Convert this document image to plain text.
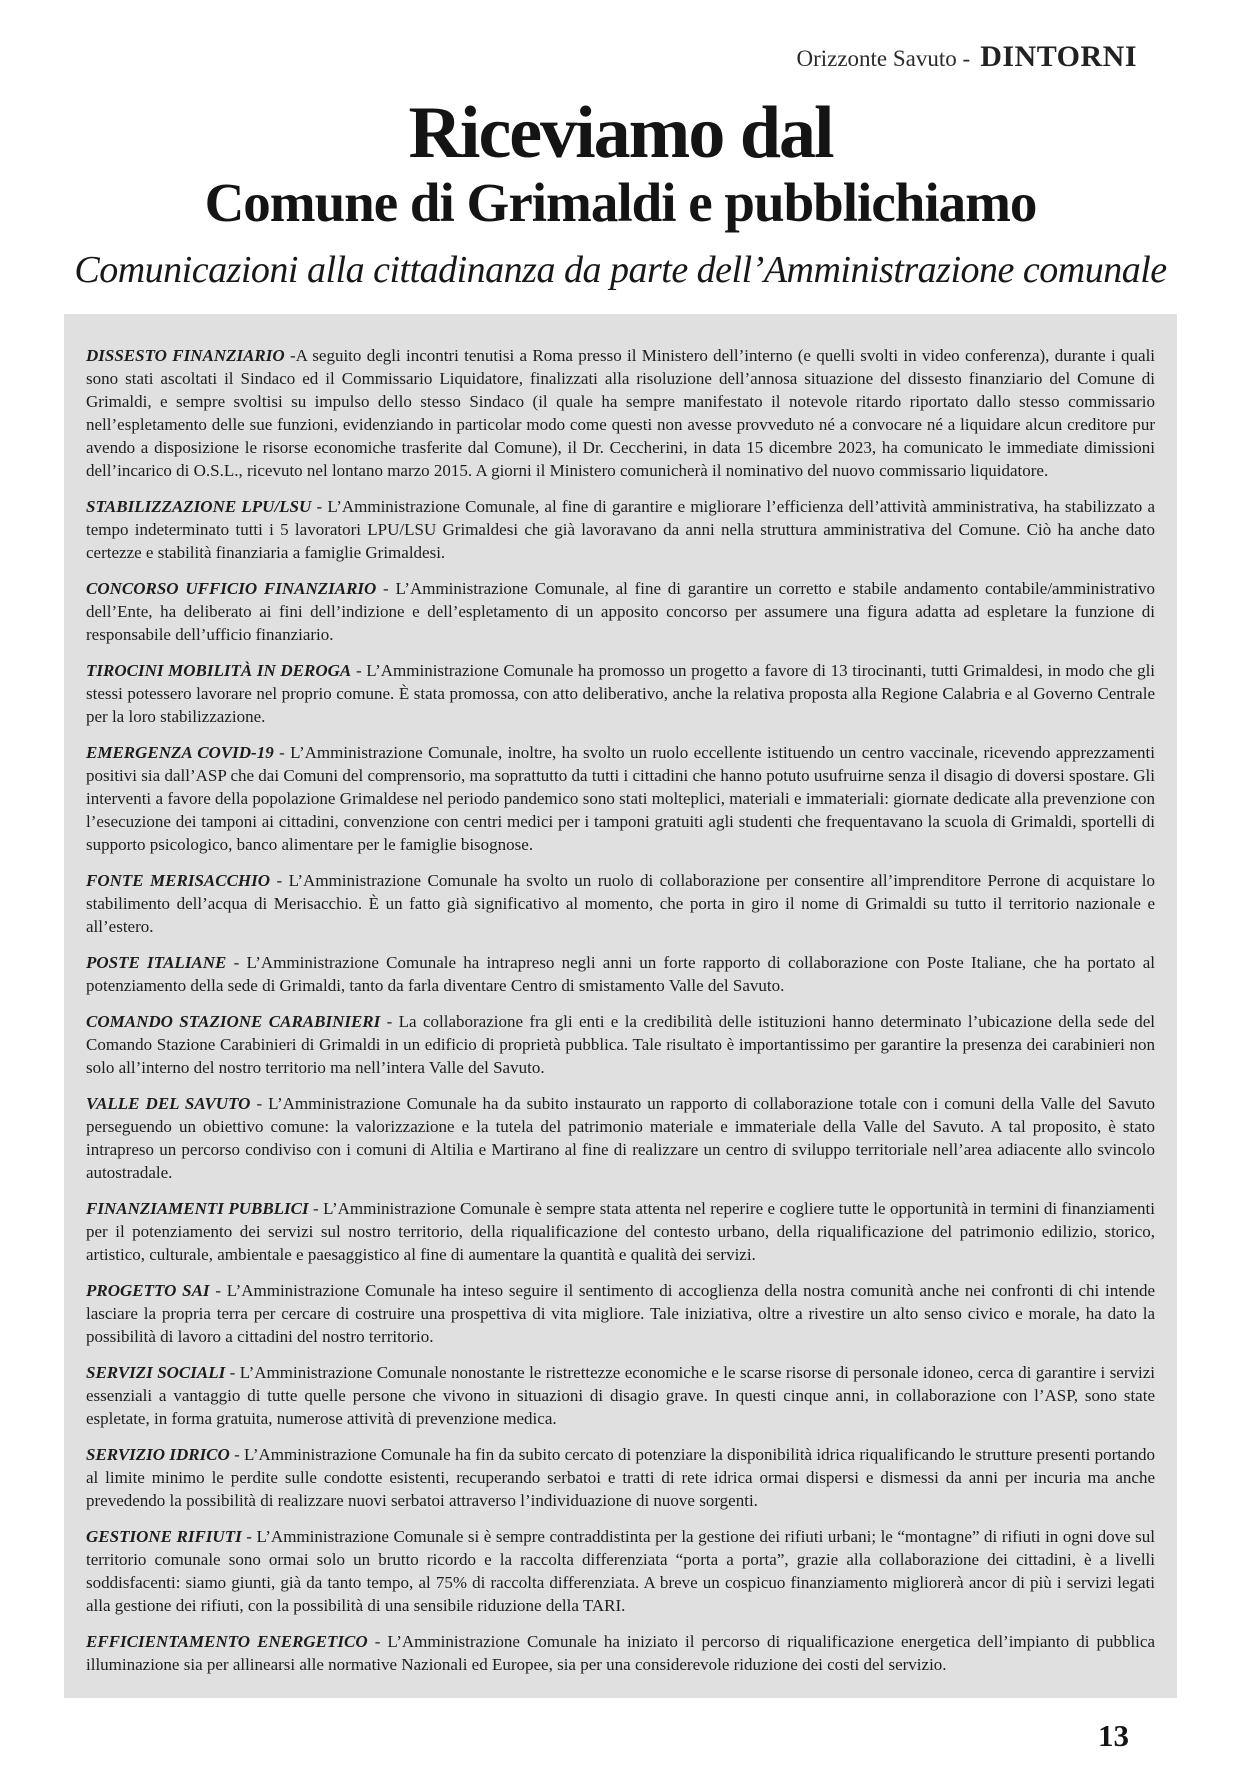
Orizzonte Savuto - DINTORNI
Riceviamo dal
Comune di Grimaldi e pubblichiamo
Comunicazioni alla cittadinanza da parte dell’Amministrazione comunale

DISSESTO FINANZIARIO -A seguito degli incontri tenutisi a Roma presso il Ministero dell’interno (e quelli svolti in video conferenza), durante i quali sono stati ascoltati il Sindaco ed il Commissario Liquidatore, finalizzati alla risoluzione dell’annosa situazione del dissesto finanziario del Comune di Grimaldi, e sempre svoltisi su impulso dello stesso Sindaco (il quale ha sempre manifestato il notevole ritardo riportato dallo stesso commissario nell’espletamento delle sue funzioni, evidenziando in particolar modo come questi non avesse provveduto né a convocare né a liquidare alcun creditore pur avendo a disposizione le risorse economiche trasferite dal Comune), il Dr. Ceccherini, in data 15 dicembre 2023, ha comunicato le immediate dimissioni dell’incarico di O.S.L., ricevuto nel lontano marzo 2015. A giorni il Ministero comunicherà il nominativo del nuovo commissario liquidatore.

STABILIZZAZIONE LPU/LSU - L’Amministrazione Comunale, al fine di garantire e migliorare l’efficienza dell’attività amministrativa, ha stabilizzato a tempo indeterminato tutti i 5 lavoratori LPU/LSU Grimaldesi che già lavoravano da anni nella struttura amministrativa del Comune. Ciò ha anche dato certezze e stabilità finanziaria a famiglie Grimaldesi.

CONCORSO UFFICIO FINANZIARIO - L’Amministrazione Comunale, al fine di garantire un corretto e stabile andamento contabile/amministrativo dell’Ente, ha deliberato ai fini dell’indizione e dell’espletamento di un apposito concorso per assumere una figura adatta ad espletare la funzione di responsabile dell’ufficio finanziario.

TIROCINI MOBILITÀ IN DEROGA - L’Amministrazione Comunale ha promosso un progetto a favore di 13 tirocinanti, tutti Grimaldesi, in modo che gli stessi potessero lavorare nel proprio comune. È stata promossa, con atto deliberativo, anche la relativa proposta alla Regione Calabria e al Governo Centrale per la loro stabilizzazione.

EMERGENZA COVID-19 - L’Amministrazione Comunale, inoltre, ha svolto un ruolo eccellente istituendo un centro vaccinale, ricevendo apprezzamenti positivi sia dall’ASP che dai Comuni del comprensorio, ma soprattutto da tutti i cittadini che hanno potuto usufruirne senza il disagio di doversi spostare. Gli interventi a favore della popolazione Grimaldese nel periodo pandemico sono stati molteplici, materiali e immateriali: giornate dedicate alla prevenzione con l’esecuzione dei tamponi ai cittadini, convenzione con centri medici per i tamponi gratuiti agli studenti che frequentavano la scuola di Grimaldi, sportelli di supporto psicologico, banco alimentare per le famiglie bisognose.

FONTE MERISACCHIO - L’Amministrazione Comunale ha svolto un ruolo di collaborazione per consentire all’imprenditore Perrone di acquistare lo stabilimento dell’acqua di Merisacchio. È un fatto già significativo al momento, che porta in giro il nome di Grimaldi su tutto il territorio nazionale e all’estero.

POSTE ITALIANE - L’Amministrazione Comunale ha intrapreso negli anni un forte rapporto di collaborazione con Poste Italiane, che ha portato al potenziamento della sede di Grimaldi, tanto da farla diventare Centro di smistamento Valle del Savuto.

COMANDO STAZIONE CARABINIERI - La collaborazione fra gli enti e la credibilità delle istituzioni hanno determinato l’ubicazione della sede del Comando Stazione Carabinieri di Grimaldi in un edificio di proprietà pubblica. Tale risultato è importantissimo per garantire la presenza dei carabinieri non solo all’interno del nostro territorio ma nell’intera Valle del Savuto.

VALLE DEL SAVUTO - L’Amministrazione Comunale ha da subito instaurato un rapporto di collaborazione totale con i comuni della Valle del Savuto perseguendo un obiettivo comune: la valorizzazione e la tutela del patrimonio materiale e immateriale della Valle del Savuto. A tal proposito, è stato intrapreso un percorso condiviso con i comuni di Altilia e Martirano al fine di realizzare un centro di sviluppo territoriale nell’area adiacente allo svincolo autostradale.

FINANZIAMENTI PUBBLICI - L’Amministrazione Comunale è sempre stata attenta nel reperire e cogliere tutte le opportunità in termini di finanziamenti per il potenziamento dei servizi sul nostro territorio, della riqualificazione del contesto urbano, della riqualificazione del patrimonio edilizio, storico, artistico, culturale, ambientale e paesaggistico al fine di aumentare la quantità e qualità dei servizi.

PROGETTO SAI - L’Amministrazione Comunale ha inteso seguire il sentimento di accoglienza della nostra comunità anche nei confronti di chi intende lasciare la propria terra per cercare di costruire una prospettiva di vita migliore. Tale iniziativa, oltre a rivestire un alto senso civico e morale, ha dato la possibilità di lavoro a cittadini del nostro territorio.

SERVIZI SOCIALI - L’Amministrazione Comunale nonostante le ristrettezze economiche e le scarse risorse di personale idoneo, cerca di garantire i servizi essenziali a vantaggio di tutte quelle persone che vivono in situazioni di disagio grave. In questi cinque anni, in collaborazione con l’ASP, sono state espletate, in forma gratuita, numerose attività di prevenzione medica.

SERVIZIO IDRICO - L’Amministrazione Comunale ha fin da subito cercato di potenziare la disponibilità idrica riqualificando le strutture presenti portando al limite minimo le perdite sulle condotte esistenti, recuperando serbatoi e tratti di rete idrica ormai dispersi e dismessi da anni per incuria ma anche prevedendo la possibilità di realizzare nuovi serbatoi attraverso l’individuazione di nuove sorgenti.

GESTIONE RIFIUTI - L’Amministrazione Comunale si è sempre contraddistinta per la gestione dei rifiuti urbani; le “montagne” di rifiuti in ogni dove sul territorio comunale sono ormai solo un brutto ricordo e la raccolta differenziata “porta a porta”, grazie alla collaborazione dei cittadini, è a livelli soddisfacenti: siamo giunti, già da tanto tempo, al 75% di raccolta differenziata. A breve un cospicuo finanziamento migliorerà ancor di più i servizi legati alla gestione dei rifiuti, con la possibilità di una sensibile riduzione della TARI.

EFFICIENTAMENTO ENERGETICO - L’Amministrazione Comunale ha iniziato il percorso di riqualificazione energetica dell’impianto di pubblica illuminazione sia per allinearsi alle normative Nazionali ed Europee, sia per una considerevole riduzione dei costi del servizio.

13
